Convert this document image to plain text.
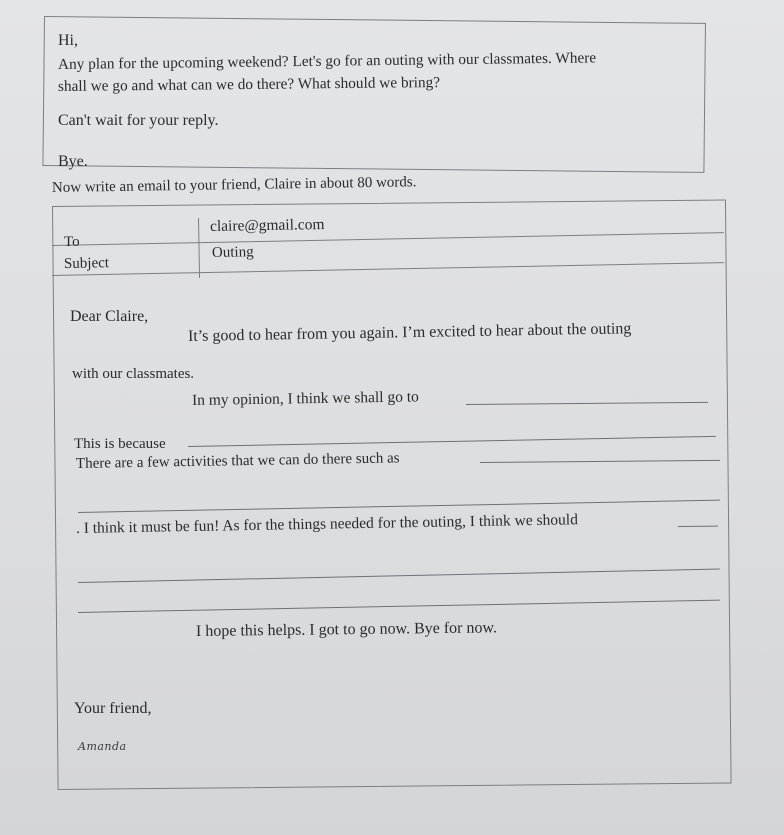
Hi,
Any plan for the upcoming weekend? Let's go for an outing with our classmates. Where
shall we go and what can we do there? What should we bring?
Can't wait for your reply.
Bye.
Now write an email to your friend, Claire in about 80 words.
To
claire@gmail.com
Subject
Outing
Dear Claire,
It’s good to hear from you again. I’m excited to hear about the outing
with our classmates.
In my opinion, I think we shall go to
This is because
There are a few activities that we can do there such as
. I think it must be fun! As for the things needed for the outing, I think we should
I hope this helps. I got to go now. Bye for now.
Your friend,
Amanda
